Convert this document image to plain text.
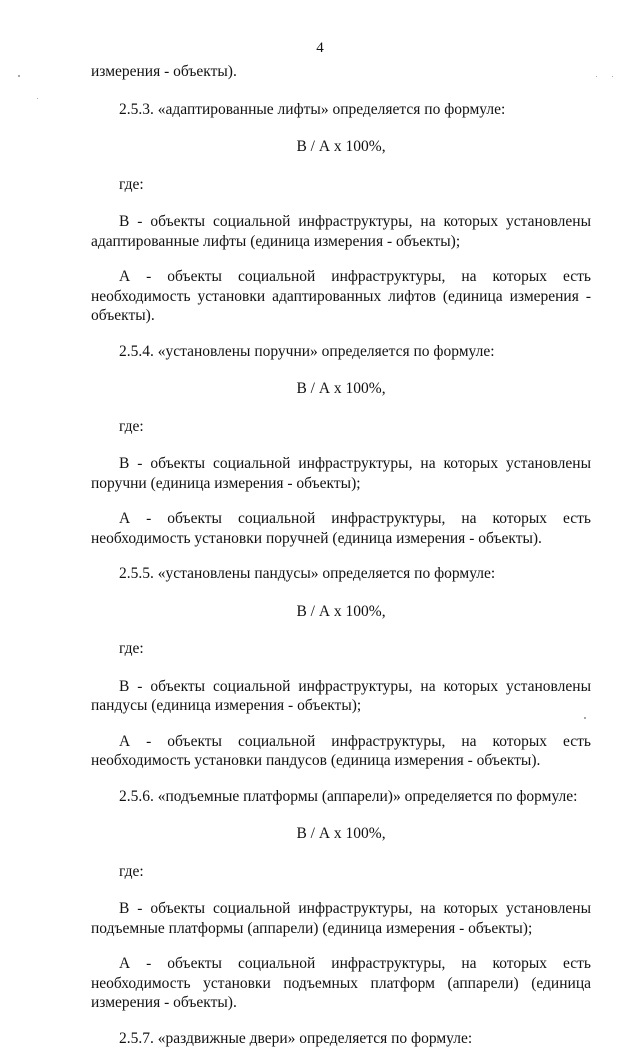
4

измерения - объекты).

2.5.3. «адаптированные лифты» определяется по формуле:

В / А х 100%,

где:

В - объекты социальной инфраструктуры, на которых установлены адаптированные лифты (единица измерения - объекты);

А - объекты социальной инфраструктуры, на которых есть необходимость установки адаптированных лифтов (единица измерения - объекты).

2.5.4. «установлены поручни» определяется по формуле:

В / А х 100%,

где:

В - объекты социальной инфраструктуры, на которых установлены поручни (единица измерения - объекты);

А - объекты социальной инфраструктуры, на которых есть необходимость установки поручней (единица измерения - объекты).

2.5.5. «установлены пандусы» определяется по формуле:

В / А х 100%,

где:

В - объекты социальной инфраструктуры, на которых установлены пандусы (единица измерения - объекты);

А - объекты социальной инфраструктуры, на которых есть необходимость установки пандусов (единица измерения - объекты).

2.5.6. «подъемные платформы (аппарели)» определяется по формуле:

В / А х 100%,

где:

В - объекты социальной инфраструктуры, на которых установлены подъемные платформы (аппарели) (единица измерения - объекты);

А - объекты социальной инфраструктуры, на которых есть необходимость установки подъемных платформ (аппарели) (единица измерения - объекты).

2.5.7. «раздвижные двери» определяется по формуле:
